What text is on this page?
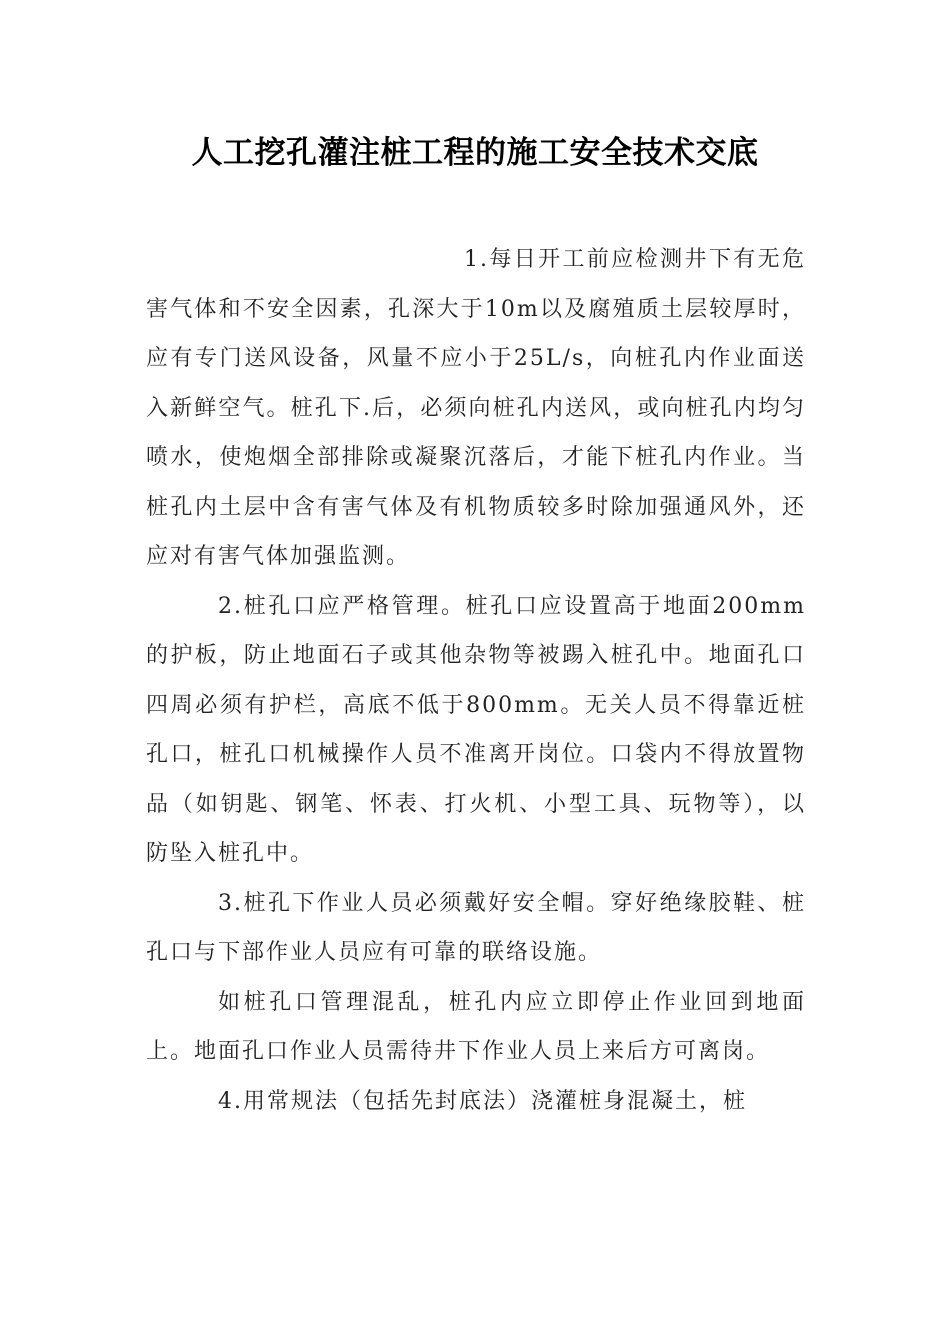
人工挖孔灌注桩工程的施工安全技术交底

1.每日开工前应检测井下有无危害气体和不安全因素，孔深大于10m以及腐殖质土层较厚时，应有专门送风设备，风量不应小于25L/s，向桩孔内作业面送入新鲜空气。桩孔下.后，必须向桩孔内送风，或向桩孔内均匀喷水，使炮烟全部排除或凝聚沉落后，才能下桩孔内作业。当桩孔内土层中含有害气体及有机物质较多时除加强通风外，还应对有害气体加强监测。

2.桩孔口应严格管理。桩孔口应设置高于地面200mm的护板，防止地面石子或其他杂物等被踢入桩孔中。地面孔口四周必须有护栏，高底不低于800mm。无关人员不得靠近桩孔口，桩孔口机械操作人员不准离开岗位。口袋内不得放置物品（如钥匙、钢笔、怀表、打火机、小型工具、玩物等），以防坠入桩孔中。

3.桩孔下作业人员必须戴好安全帽。穿好绝缘胶鞋、桩孔口与下部作业人员应有可靠的联络设施。

如桩孔口管理混乱，桩孔内应立即停止作业回到地面上。地面孔口作业人员需待井下作业人员上来后方可离岗。

4.用常规法（包括先封底法）浇灌桩身混凝土，桩
